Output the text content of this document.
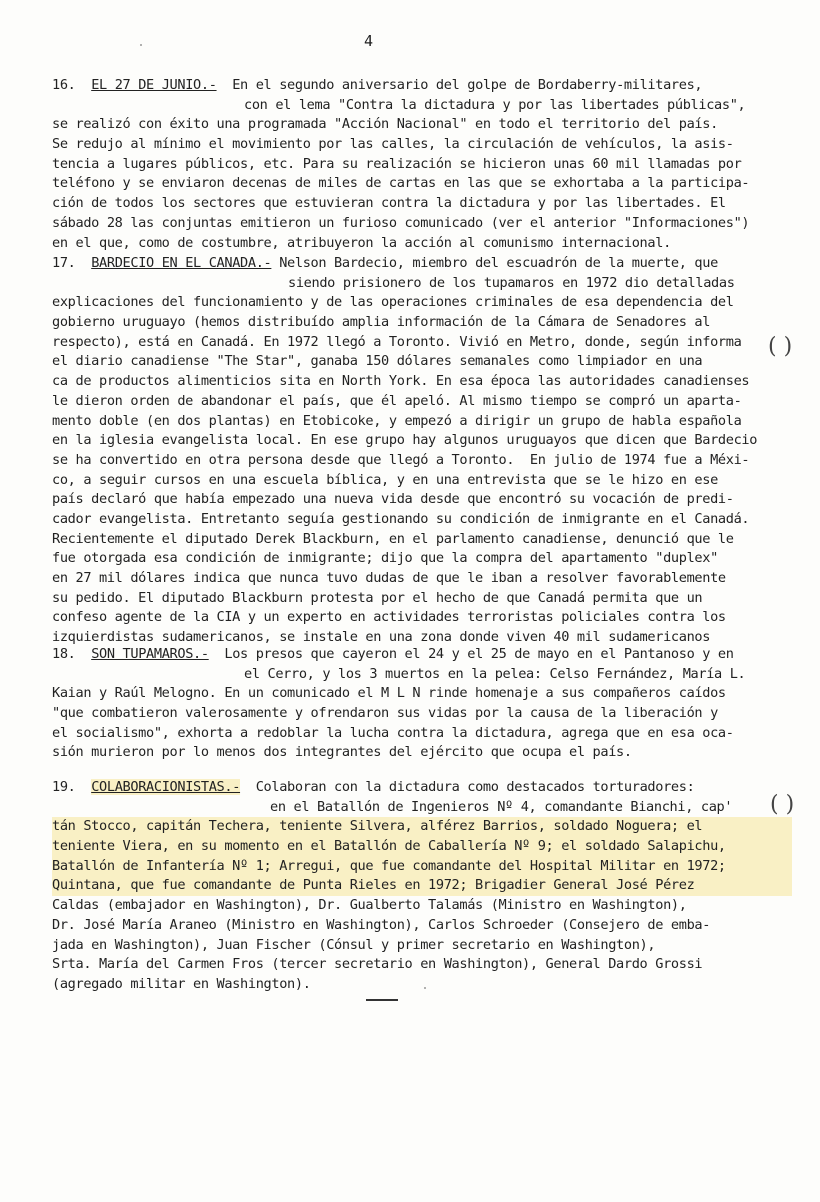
4
16. EL 27 DE JUNIO.- En el segundo aniversario del golpe de Bordaberry-militares,
con el lema "Contra la dictadura y por las libertades públicas",
se realizó con éxito una programada "Acción Nacional" en todo el territorio del país.
Se redujo al mínimo el movimiento por las calles, la circulación de vehículos, la asis-
tencia a lugares públicos, etc. Para su realización se hicieron unas 60 mil llamadas por
teléfono y se enviaron decenas de miles de cartas en las que se exhortaba a la participa-
ción de todos los sectores que estuvieran contra la dictadura y por las libertades. El
sábado 28 las conjuntas emitieron un furioso comunicado (ver el anterior "Informaciones")
en el que, como de costumbre, atribuyeron la acción al comunismo internacional.
17. BARDECIO EN EL CANADA.- Nelson Bardecio, miembro del escuadrón de la muerte, que
siendo prisionero de los tupamaros en 1972 dio detalladas
explicaciones del funcionamiento y de las operaciones criminales de esa dependencia del
gobierno uruguayo (hemos distribuído amplia información de la Cámara de Senadores al
respecto), está en Canadá. En 1972 llegó a Toronto. Vivió en Metro, donde, según informa
el diario canadiense "The Star", ganaba 150 dólares semanales como limpiador en una
ca de productos alimenticios sita en North York. En esa época las autoridades canadienses
le dieron orden de abandonar el país, que él apeló. Al mismo tiempo se compró un aparta-
mento doble (en dos plantas) en Etobicoke, y empezó a dirigir un grupo de habla española
en la iglesia evangelista local. En ese grupo hay algunos uruguayos que dicen que Bardecio
se ha convertido en otra persona desde que llegó a Toronto.  En julio de 1974 fue a Méxi-
co, a seguir cursos en una escuela bíblica, y en una entrevista que se le hizo en ese
país declaró que había empezado una nueva vida desde que encontró su vocación de predi-
cador evangelista. Entretanto seguía gestionando su condición de inmigrante en el Canadá.
Recientemente el diputado Derek Blackburn, en el parlamento canadiense, denunció que le
fue otorgada esa condición de inmigrante; dijo que la compra del apartamento "duplex"
en 27 mil dólares indica que nunca tuvo dudas de que le iban a resolver favorablemente
su pedido. El diputado Blackburn protesta por el hecho de que Canadá permita que un
confeso agente de la CIA y un experto en actividades terroristas policiales contra los
izquierdistas sudamericanos, se instale en una zona donde viven 40 mil sudamericanos
18. SON TUPAMAROS.- Los presos que cayeron el 24 y el 25 de mayo en el Pantanoso y en
el Cerro, y los 3 muertos en la pelea: Celso Fernández, María L.
Kaian y Raúl Melogno. En un comunicado el M L N rinde homenaje a sus compañeros caídos
"que combatieron valerosamente y ofrendaron sus vidas por la causa de la liberación y
el socialismo", exhorta a redoblar la lucha contra la dictadura, agrega que en esa oca-
sión murieron por lo menos dos integrantes del ejército que ocupa el país.
19. COLABORACIONISTAS.- Colaboran con la dictadura como destacados torturadores:
en el Batallón de Ingenieros Nº 4, comandante Bianchi, cap'
tán Stocco, capitán Techera, teniente Silvera, alférez Barrios, soldado Noguera; el
teniente Viera, en su momento en el Batallón de Caballería Nº 9; el soldado Salapichu,
Batallón de Infantería Nº 1; Arregui, que fue comandante del Hospital Militar en 1972;
Quintana, que fue comandante de Punta Rieles en 1972; Brigadier General José Pérez
Caldas (embajador en Washington), Dr. Gualberto Talamás (Ministro en Washington),
Dr. José María Araneo (Ministro en Washington), Carlos Schroeder (Consejero de emba-
jada en Washington), Juan Fischer (Cónsul y primer secretario en Washington),
Srta. María del Carmen Fros (tercer secretario en Washington), General Dardo Grossi
(agregado militar en Washington).
( )
( )
